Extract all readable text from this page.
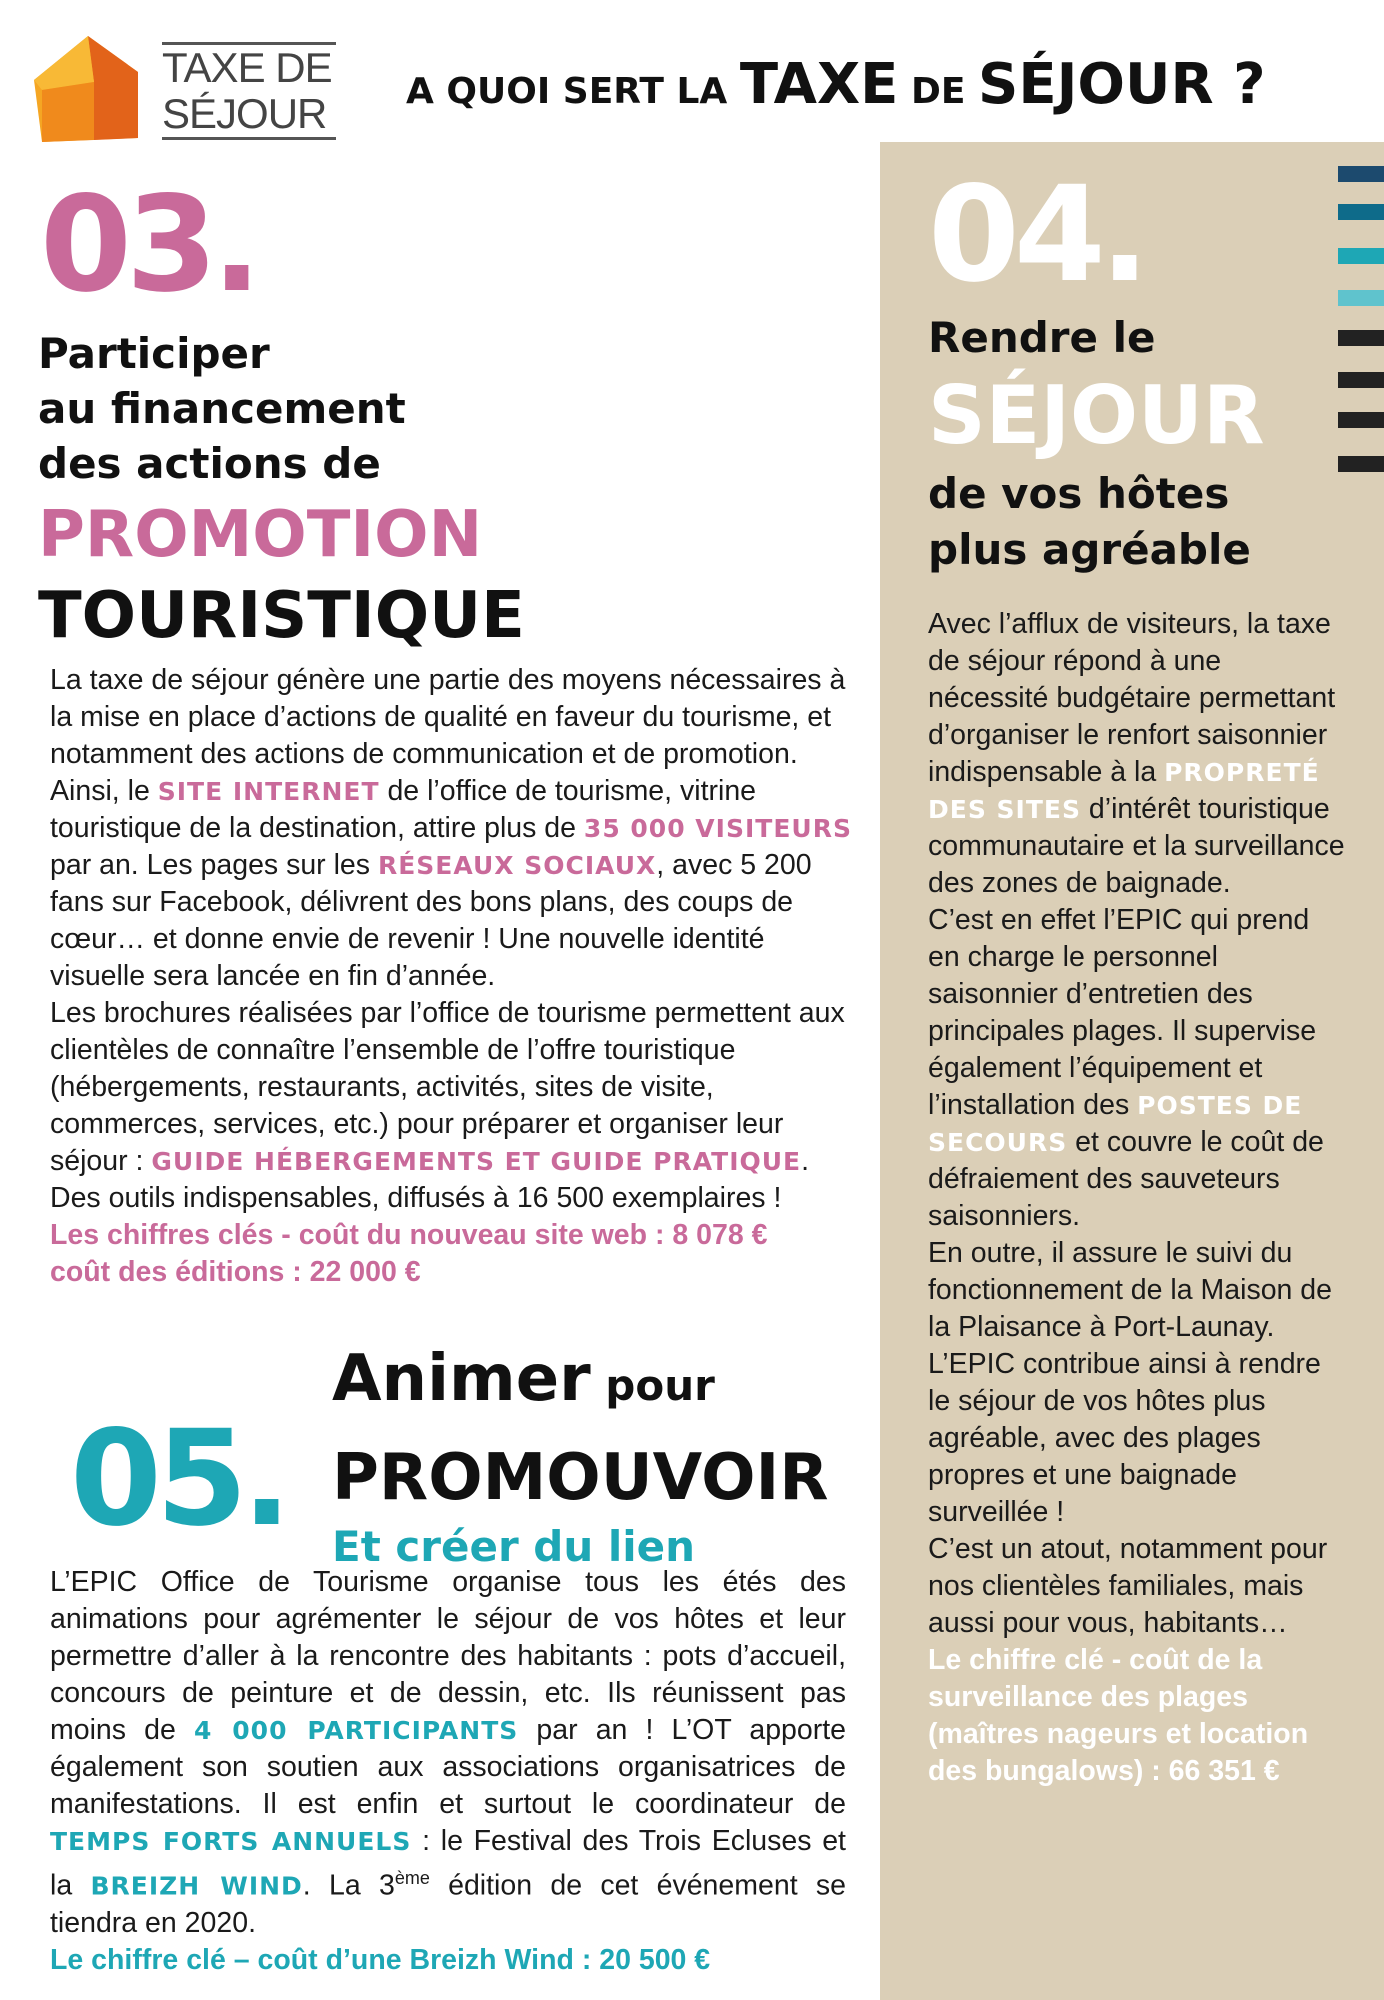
TAXE DE
SÉJOUR A QUOI SERT LA TAXE DE SÉJOUR ?
03.
Participer
au financement
des actions de
PROMOTION
TOURISTIQUE
La taxe de séjour génère une partie des moyens nécessaires à la mise en place d’actions de qualité en faveur du tourisme, et notamment des actions de communication et de promotion. Ainsi, le SITE INTERNET de l’office de tourisme, vitrine touristique de la destination, attire plus de 35 000 VISITEURS par an. Les pages sur les RÉSEAUX SOCIAUX, avec 5 200 fans sur Facebook, délivrent des bons plans, des coups de cœur… et donne envie de revenir ! Une nouvelle identité visuelle sera lancée en fin d’année.
Les brochures réalisées par l’office de tourisme permettent aux clientèles de connaître l’ensemble de l’offre touristique (hébergements, restaurants, activités, sites de visite, commerces, services, etc.) pour préparer et organiser leur séjour : GUIDE HÉBERGEMENTS ET GUIDE PRATIQUE.
Des outils indispensables, diffusés à 16 500 exemplaires !
Les chiffres clés - coût du nouveau site web : 8 078 €
coût des éditions : 22 000 €
04.
Rendre le
SÉJOUR
de vos hôtes
plus agréable
Avec l’afflux de visiteurs, la taxe de séjour répond à une nécessité budgétaire permettant d’organiser le renfort saisonnier indispensable à la PROPRETÉ DES SITES d’intérêt touristique communautaire et la surveillance des zones de baignade.
C’est en effet l’EPIC qui prend en charge le personnel saisonnier d’entretien des principales plages. Il supervise également l’équipement et l’installation des POSTES DE SECOURS et couvre le coût de défraiement des sauveteurs saisonniers.
En outre, il assure le suivi du fonctionnement de la Maison de la Plaisance à Port-Launay.
L’EPIC contribue ainsi à rendre le séjour de vos hôtes plus agréable, avec des plages propres et une baignade surveillée !
C’est un atout, notamment pour nos clientèles familiales, mais aussi pour vous, habitants…
Le chiffre clé - coût de la surveillance des plages (maîtres nageurs et location des bungalows) : 66 351 €
05.
Animer pour
PROMOUVOIR
Et créer du lien
L’EPIC Office de Tourisme organise tous les étés des animations pour agrémenter le séjour de vos hôtes et leur permettre d’aller à la rencontre des habitants : pots d’accueil, concours de peinture et de dessin, etc. Ils réunissent pas moins de 4 000 PARTICIPANTS par an ! L’OT apporte également son soutien aux associations organisatrices de manifestations. Il est enfin et surtout le coordinateur de TEMPS FORTS ANNUELS : le Festival des Trois Ecluses et la BREIZH WIND. La 3ème édition de cet événement se tiendra en 2020.
Le chiffre clé – coût d’une Breizh Wind : 20 500 €
